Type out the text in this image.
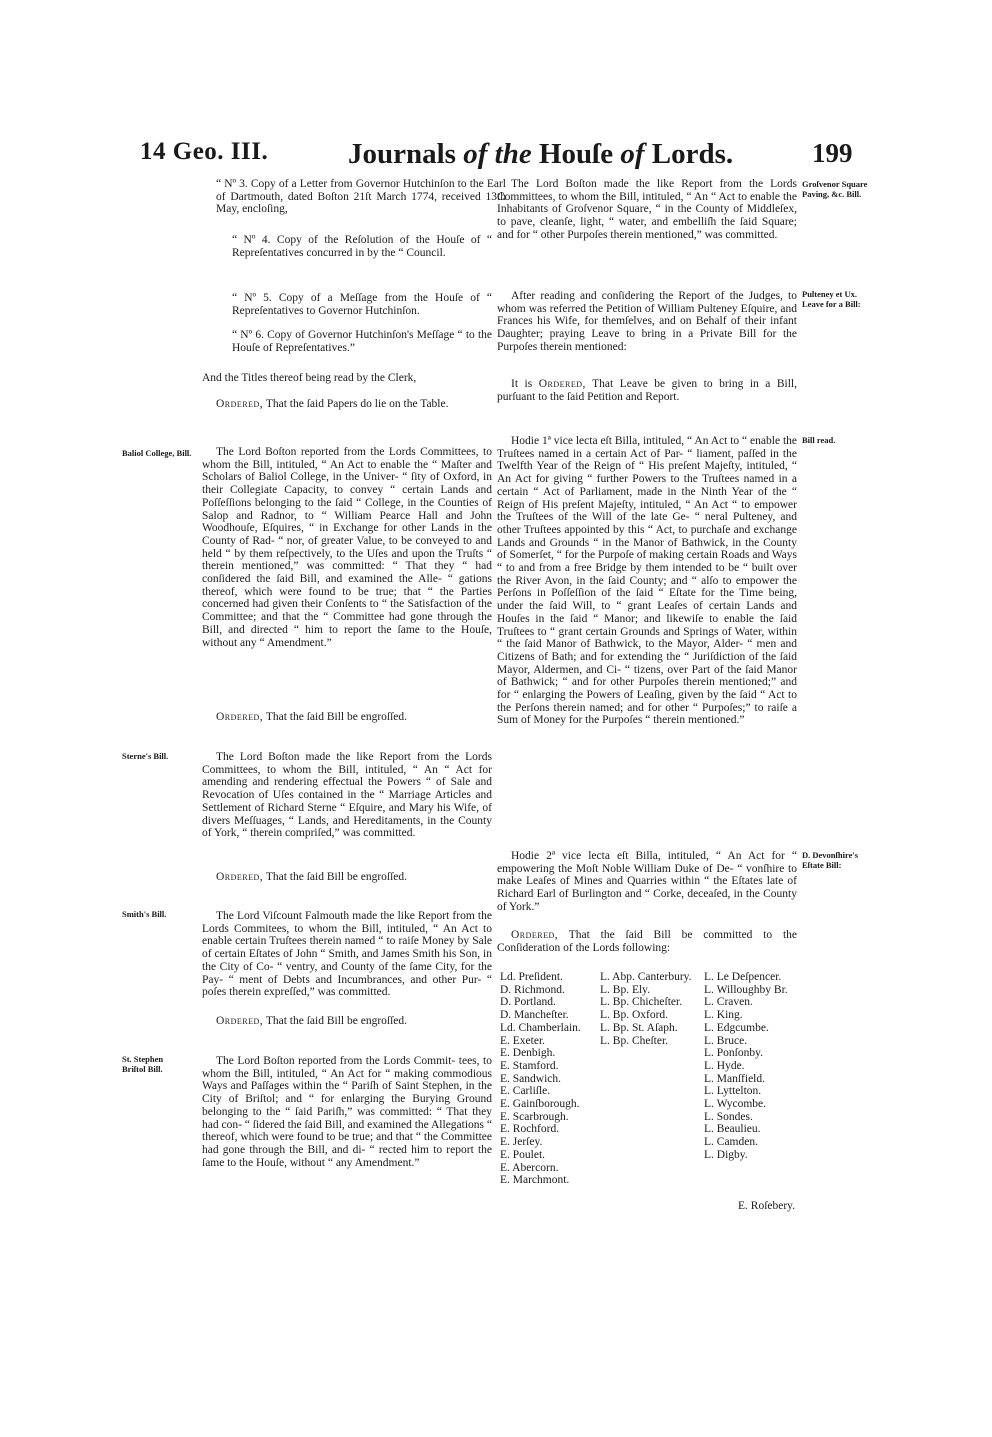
14 Geo. III.	Journals of the Houſe of Lords.	199

“ Nº 3. Copy of a Letter from Governor Hutchinſon to the Earl of Dartmouth, dated Boſton 21ſt March 1774, received 13th May, encloſing,

“ Nº 4. Copy of the Reſolution of the Houſe of “ Repreſentatives concurred in by the “ Council.

“ Nº 5. Copy of a Meſſage from the Houſe of “ Repreſentatives to Governor Hutchinſon.

“ Nº 6. Copy of Governor Hutchinſon's Meſſage “ to the Houſe of Repreſentatives.”

And the Titles thereof being read by the Clerk,

Ordered, That the ſaid Papers do lie on the Table.

The Lord Boſton reported from the Lords Committees, to whom the Bill, intituled, “ An Act to enable the “ Maſter and Scholars of Baliol College, in the Univer- “ ſity of Oxford, in their Collegiate Capacity, to convey “ certain Lands and Poſſeſſions belonging to the ſaid “ College, in the Counties of Salop and Radnor, to “ William Pearce Hall and John Woodhouſe, Eſquires, “ in Exchange for other Lands in the County of Rad- “ nor, of greater Value, to be conveyed to and held “ by them reſpectively, to the Uſes and upon the Truſts “ therein mentioned,” was committed: “ That they “ had conſidered the ſaid Bill, and examined the Alle- “ gations thereof, which were found to be true; that “ the Parties concerned had given their Conſents to “ the Satisfaction of the Committee; and that the “ Committee had gone through the Bill, and directed “ him to report the ſame to the Houſe, without any “ Amendment.”

Ordered, That the ſaid Bill be engroſſed.

The Lord Boſton made the like Report from the Lords Committees, to whom the Bill, intituled, “ An “ Act for amending and rendering effectual the Powers “ of Sale and Revocation of Uſes contained in the “ Marriage Articles and Settlement of Richard Sterne “ Eſquire, and Mary his Wife, of divers Meſſuages, “ Lands, and Hereditaments, in the County of York, “ therein compriſed,” was committed.

Ordered, That the ſaid Bill be engroſſed.

The Lord Viſcount Falmouth made the like Report from the Lords Commitees, to whom the Bill, intituled, “ An Act to enable certain Truſtees therein named “ to raiſe Money by Sale of certain Eſtates of John “ Smith, and James Smith his Son, in the City of Co- “ ventry, and County of the ſame City, for the Pay- “ ment of Debts and Incumbrances, and other Pur- “ poſes therein expreſſed,” was committed.

Ordered, That the ſaid Bill be engroſſed.

The Lord Boſton reported from the Lords Commit- tees, to whom the Bill, intituled, “ An Act for “ making commodious Ways and Paſſages within the “ Pariſh of Saint Stephen, in the City of Briſtol; and “ for enlarging the Burying Ground belonging to the “ ſaid Pariſh,” was committed: “ That they had con- “ ſidered the ſaid Bill, and examined the Allegations “ thereof, which were found to be true; and that “ the Committee had gone through the Bill, and di- “ rected him to report the ſame to the Houſe, without “ any Amendment.”

Baliol College, Bill.
Sterne's Bill.
Smith's Bill.
St. Stephen Briſtol Bill.

The Lord Boſton made the like Report from the Lords Committees, to whom the Bill, intituled, “ An “ Act to enable the Inhabitants of Groſvenor Square, “ in the County of Middleſex, to pave, cleanſe, light, “ water, and embelliſh the ſaid Square; and for “ other Purpoſes therein mentioned,” was committed.

After reading and conſidering the Report of the Judges, to whom was referred the Petition of William Pulteney Eſquire, and Frances his Wife, for themſelves, and on Behalf of their infant Daughter; praying Leave to bring in a Private Bill for the Purpoſes therein mentioned:

It is Ordered, That Leave be given to bring in a Bill, purſuant to the ſaid Petition and Report.

Hodie 1ª vice lecta eſt Billa, intituled, “ An Act to “ enable the Truſtees named in a certain Act of Par- “ liament, paſſed in the Twelfth Year of the Reign of “ His preſent Majeſty, intituled, “ An Act for giving “ further Powers to the Truſtees named in a certain “ Act of Parliament, made in the Ninth Year of the “ Reign of His preſent Majeſty, intituled, “ An Act “ to empower the Truſtees of the Will of the late Ge- “ neral Pulteney, and other Truſtees appointed by this “ Act, to purchaſe and exchange Lands and Grounds “ in the Manor of Bathwick, in the County of Somerſet, “ for the Purpoſe of making certain Roads and Ways “ to and from a free Bridge by them intended to be “ built over the River Avon, in the ſaid County; and “ alſo to empower the Perſons in Poſſeſſion of the ſaid “ Eſtate for the Time being, under the ſaid Will, to “ grant Leaſes of certain Lands and Houſes in the ſaid “ Manor; and likewiſe to enable the ſaid Truſtees to “ grant certain Grounds and Springs of Water, within “ the ſaid Manor of Bathwick, to the Mayor, Alder- “ men and Citizens of Bath; and for extending the “ Juriſdiction of the ſaid Mayor, Aldermen, and Ci- “ tizens, over Part of the ſaid Manor of Bathwick; “ and for other Purpoſes therein mentioned;” and for “ enlarging the Powers of Leaſing, given by the ſaid “ Act to the Perſons therein named; and for other “ Purpoſes;” to raiſe a Sum of Money for the Purpoſes “ therein mentioned.”

Hodie 2ª vice lecta eſt Billa, intituled, “ An Act for “ empowering the Moſt Noble William Duke of De- “ vonſhire to make Leaſes of Mines and Quarries within “ the Eſtates late of Richard Earl of Burlington and “ Corke, deceaſed, in the County of York.”

Ordered, That the ſaid Bill be committed to the Conſideration of the Lords following:

Groſvenor Square Paving, &c. Bill.
Pulteney et Ux. Leave for a Bill:
Bill read.
D. Devonſhire's Eſtate Bill:
Ld. Preſident.
D. Richmond.
D. Portland.
D. Mancheſter.
Ld. Chamberlain.
E. Exeter.
E. Denbigh.
E. Stamford.
E. Sandwich.
E. Carliſle.
E. Gainſborough.
E. Scarbrough.
E. Rochford.
E. Jerſey.
E. Poulet.
E. Abercorn.
E. Marchmont.
L. Abp. Canterbury.
L. Bp. Ely.
L. Bp. Chicheſter.
L. Bp. Oxford.
L. Bp. St. Aſaph.
L. Bp. Cheſter.
L. Le Deſpencer.
L. Willoughby Br.
L. Craven.
L. King.
L. Edgcumbe.
L. Bruce.
L. Ponſonby.
L. Hyde.
L. Manſfield.
L. Lyttelton.
L. Wycombe.
L. Sondes.
L. Beaulieu.
L. Camden.
L. Digby.
E. Roſebery.
